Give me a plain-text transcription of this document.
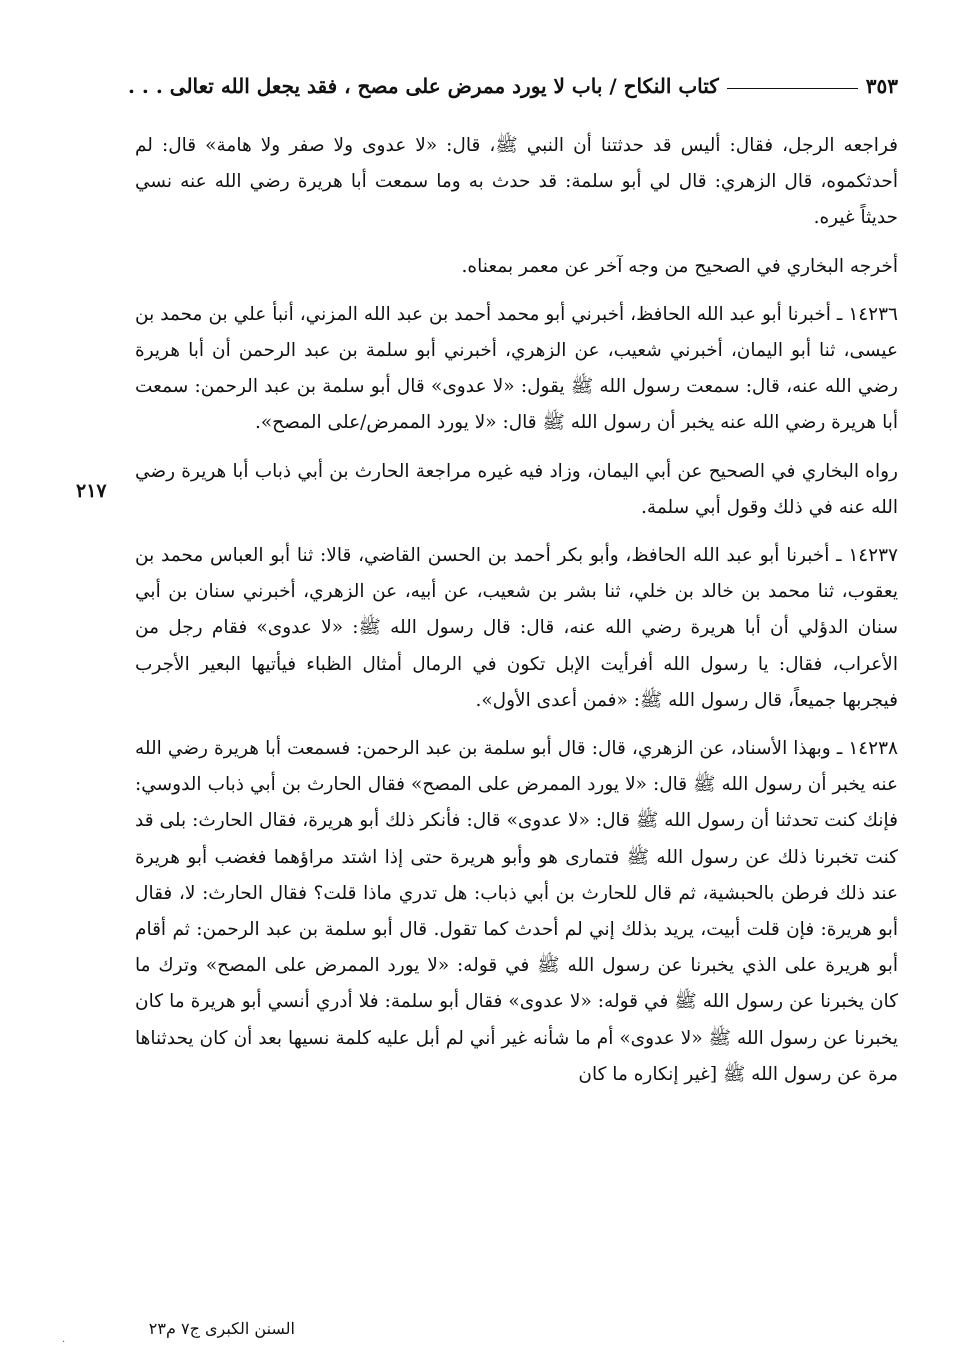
كتاب النكاح / باب لا يورد ممرض على مصح ، فقد يجعل الله تعالى . . .	٣٥٣
٢١٧

فراجعه الرجل، فقال: أليس قد حدثتنا أن النبي ﷺ، قال: «لا عدوى ولا صفر ولا هامة» قال: لم أحدثكموه، قال الزهري: قال لي أبو سلمة: قد حدث به وما سمعت أبا هريرة رضي الله عنه نسي حديثاً غيره.

أخرجه البخاري في الصحيح من وجه آخر عن معمر بمعناه.

١٤٢٣٦ ـ أخبرنا أبو عبد الله الحافظ، أخبرني أبو محمد أحمد بن عبد الله المزني، أنبأ علي بن محمد بن عيسى، ثنا أبو اليمان، أخبرني شعيب، عن الزهري، أخبرني أبو سلمة بن عبد الرحمن أن أبا هريرة رضي الله عنه، قال: سمعت رسول الله ﷺ يقول: «لا عدوى» قال أبو سلمة بن عبد الرحمن: سمعت أبا هريرة رضي الله عنه يخبر أن رسول الله ﷺ قال: «لا يورد الممرض/على المصح».

رواه البخاري في الصحيح عن أبي اليمان، وزاد فيه غيره مراجعة الحارث بن أبي ذباب أبا هريرة رضي الله عنه في ذلك وقول أبي سلمة.

١٤٢٣٧ ـ أخبرنا أبو عبد الله الحافظ، وأبو بكر أحمد بن الحسن القاضي، قالا: ثنا أبو العباس محمد بن يعقوب، ثنا محمد بن خالد بن خلي، ثنا بشر بن شعيب، عن أبيه، عن الزهري، أخبرني سنان بن أبي سنان الدؤلي أن أبا هريرة رضي الله عنه، قال: قال رسول الله ﷺ: «لا عدوى» فقام رجل من الأعراب، فقال: يا رسول الله أفرأيت الإبل تكون في الرمال أمثال الظباء فيأتيها البعير الأجرب فيجربها جميعاً، قال رسول الله ﷺ: «فمن أعدى الأول».

١٤٢٣٨ ـ وبهذا الأسناد، عن الزهري، قال: قال أبو سلمة بن عبد الرحمن: فسمعت أبا هريرة رضي الله عنه يخبر أن رسول الله ﷺ قال: «لا يورد الممرض على المصح» فقال الحارث بن أبي ذباب الدوسي: فإنك كنت تحدثنا أن رسول الله ﷺ قال: «لا عدوى» قال: فأنكر ذلك أبو هريرة، فقال الحارث: بلى قد كنت تخبرنا ذلك عن رسول الله ﷺ فتمارى هو وأبو هريرة حتى إذا اشتد مراؤهما فغضب أبو هريرة عند ذلك فرطن بالحبشية، ثم قال للحارث بن أبي ذباب: هل تدري ماذا قلت؟ فقال الحارث: لا، فقال أبو هريرة: فإن قلت أبيت، يريد بذلك إني لم أحدث كما تقول. قال أبو سلمة بن عبد الرحمن: ثم أقام أبو هريرة على الذي يخبرنا عن رسول الله ﷺ في قوله: «لا يورد الممرض على المصح» وترك ما كان يخبرنا عن رسول الله ﷺ في قوله: «لا عدوى» فقال أبو سلمة: فلا أدري أنسي أبو هريرة ما كان يخبرنا عن رسول الله ﷺ «لا عدوى» أم ما شأنه غير أني لم أبل عليه كلمة نسيها بعد أن كان يحدثناها مرة عن رسول الله ﷺ [غير إنكاره ما كان

السنن الكبرى ج٧ م٢٣
.
